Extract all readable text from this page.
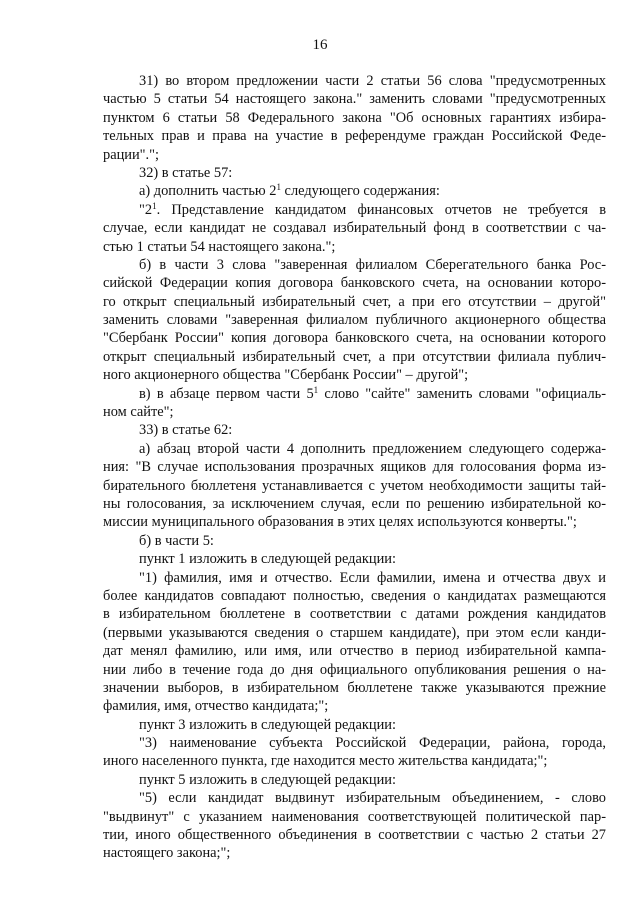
16
31) во втором предложении части 2 статьи 56 слова "предусмотренных
частью 5 статьи 54 настоящего закона." заменить словами "предусмотренных
пунктом 6 статьи 58 Федерального закона "Об основных гарантиях избира-
тельных прав и права на участие в референдуме граждан Российской Феде-
рации".";
32) в статье 57:
а) дополнить частью $2^1$ следующего содержания:
"$2^1$. Представление кандидатом финансовых отчетов не требуется в
случае, если кандидат не создавал избирательный фонд в соответствии с ча-
стью 1 статьи 54 настоящего закона.";
б) в части 3 слова "заверенная филиалом Сберегательного банка Рос-
сийской Федерации копия договора банковского счета, на основании которо-
го открыт специальный избирательный счет, а при его отсутствии – другой"
заменить словами "заверенная филиалом публичного акционерного общества
"Сбербанк России" копия договора банковского счета, на основании которого
открыт специальный избирательный счет, а при отсутствии филиала публич-
ного акционерного общества "Сбербанк России" – другой";
в) в абзаце первом части $5^1$ слово "сайте" заменить словами "официаль-
ном сайте";
33) в статье 62:
а) абзац второй части 4 дополнить предложением следующего содержа-
ния: "В случае использования прозрачных ящиков для голосования форма из-
бирательного бюллетеня устанавливается с учетом необходимости защиты тай-
ны голосования, за исключением случая, если по решению избирательной ко-
миссии муниципального образования в этих целях используются конверты.";
б) в части 5:
пункт 1 изложить в следующей редакции:
"1) фамилия, имя и отчество. Если фамилии, имена и отчества двух и
более кандидатов совпадают полностью, сведения о кандидатах размещаются
в избирательном бюллетене в соответствии с датами рождения кандидатов
(первыми указываются сведения о старшем кандидате), при этом если канди-
дат менял фамилию, или имя, или отчество в период избирательной кампа-
нии либо в течение года до дня официального опубликования решения о на-
значении выборов, в избирательном бюллетене также указываются прежние
фамилия, имя, отчество кандидата;";
пункт 3 изложить в следующей редакции:
"3) наименование субъекта Российской Федерации, района, города,
иного населенного пункта, где находится место жительства кандидата;";
пункт 5 изложить в следующей редакции:
"5) если кандидат выдвинут избирательным объединением, - слово
"выдвинут" с указанием наименования соответствующей политической пар-
тии, иного общественного объединения в соответствии с частью 2 статьи 27
настоящего закона;";
